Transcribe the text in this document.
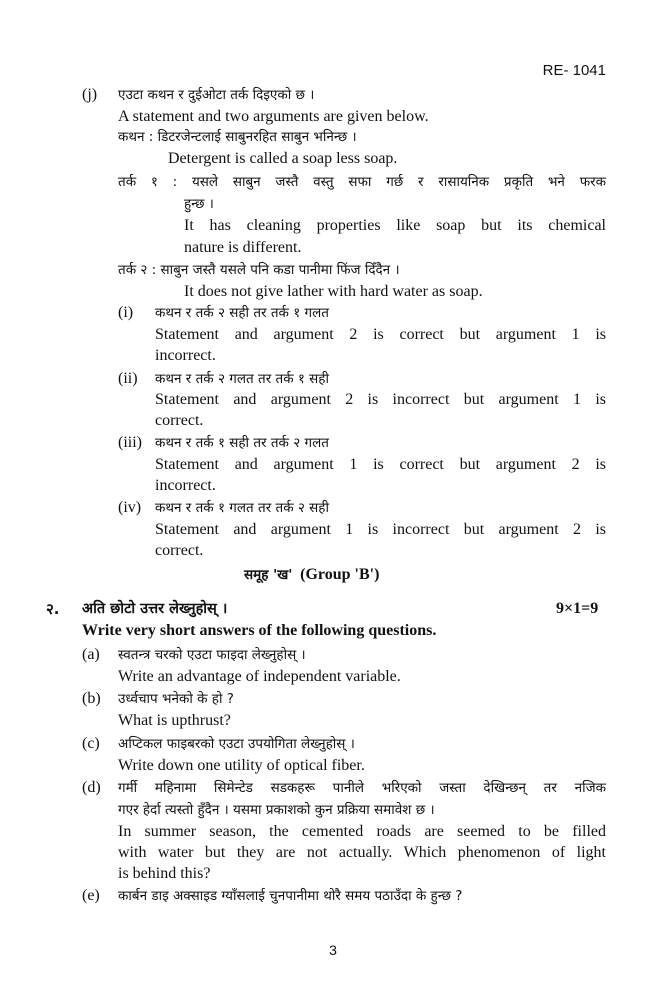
RE- 1041
(j) एउटा कथन र दुईओटा तर्क दिइएको छ ।
A statement and two arguments are given below.
कथन : डिटरजेन्टलाई साबुनरहित साबुन भनिन्छ ।
Detergent is called a soap less soap.
तर्क १ : यसले साबुन जस्तै वस्तु सफा गर्छ र रासायनिक प्रकृति भने फरक
हुन्छ ।
It has cleaning properties like soap but its chemical
nature is different.
तर्क २ : साबुन जस्तै यसले पनि कडा पानीमा फिंज दिँदैन ।
It does not give lather with hard water as soap.
(i) कथन र तर्क २ सही तर तर्क १ गलत
Statement and argument 2 is correct but argument 1 is
incorrect.
(ii) कथन र तर्क २ गलत तर तर्क १ सही
Statement and argument 2 is incorrect but argument 1 is
correct.
(iii) कथन र तर्क १ सही तर तर्क २ गलत
Statement and argument 1 is correct but argument 2 is
incorrect.
(iv) कथन र तर्क १ गलत तर तर्क २ सही
Statement and argument 1 is incorrect but argument 2 is
correct.
समूह 'ख' (Group 'B')
२. अति छोटो उत्तर लेख्नुहोस् ।	9×1=9
Write very short answers of the following questions.
(a) स्वतन्त्र चरको एउटा फाइदा लेख्नुहोस् ।
Write an advantage of independent variable.
(b) उर्ध्वचाप भनेको के हो ?
What is upthrust?
(c) अप्टिकल फाइबरको एउटा उपयोगिता लेख्नुहोस् ।
Write down one utility of optical fiber.
(d) गर्मी महिनामा सिमेन्टेड सडकहरू पानीले भरिएको जस्ता देखिन्छन् तर नजिक
गएर हेर्दा त्यस्तो हुँदैन । यसमा प्रकाशको कुन प्रक्रिया समावेश छ ।
In summer season, the cemented roads are seemed to be filled
with water but they are not actually. Which phenomenon of light
is behind this?
(e) कार्बन डाइ अक्साइड ग्याँसलाई चुनपानीमा थोरै समय पठाउँदा के हुन्छ ?
3
